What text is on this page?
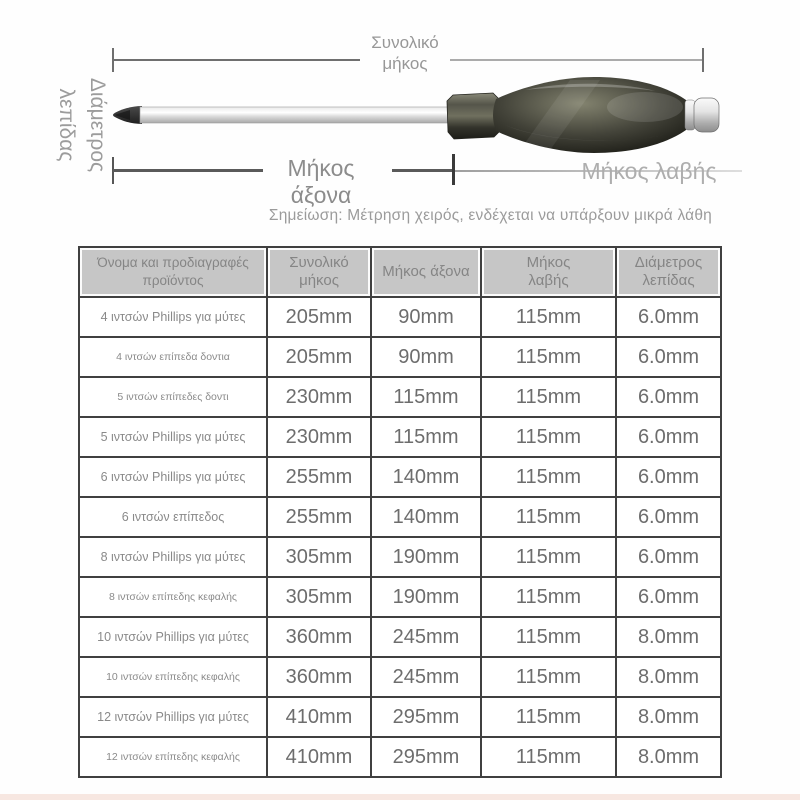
Συνολικό μήκος
Μήκος άξονα
Μήκος λαβής
Διάμετρος λεπίδας
Σημείωση: Μέτρηση χειρός, ενδέχεται να υπάρξουν μικρά λάθη
Όνομα και προδιαγραφές προϊόντος	Συνολικό μήκος	Μήκος άξονα	Μήκος λαβής	Διάμετρος λεπίδας
4 ιντσών Phillips για μύτες	205mm	90mm	115mm	6.0mm
4 ιντσών επίπεδα δοντια	205mm	90mm	115mm	6.0mm
5 ιντσών επίπεδες δοντι	230mm	115mm	115mm	6.0mm
5 ιντσών Phillips για μύτες	230mm	115mm	115mm	6.0mm
6 ιντσών Phillips για μύτες	255mm	140mm	115mm	6.0mm
6 ιντσών επίπεδος	255mm	140mm	115mm	6.0mm
8 ιντσών Phillips για μύτες	305mm	190mm	115mm	6.0mm
8 ιντσών επίπεδης κεφαλής	305mm	190mm	115mm	6.0mm
10 ιντσών Phillips για μύτες	360mm	245mm	115mm	8.0mm
10 ιντσών επίπεδης κεφαλής	360mm	245mm	115mm	8.0mm
12 ιντσών Phillips για μύτες	410mm	295mm	115mm	8.0mm
12 ιντσών επίπεδης κεφαλής	410mm	295mm	115mm	8.0mm
